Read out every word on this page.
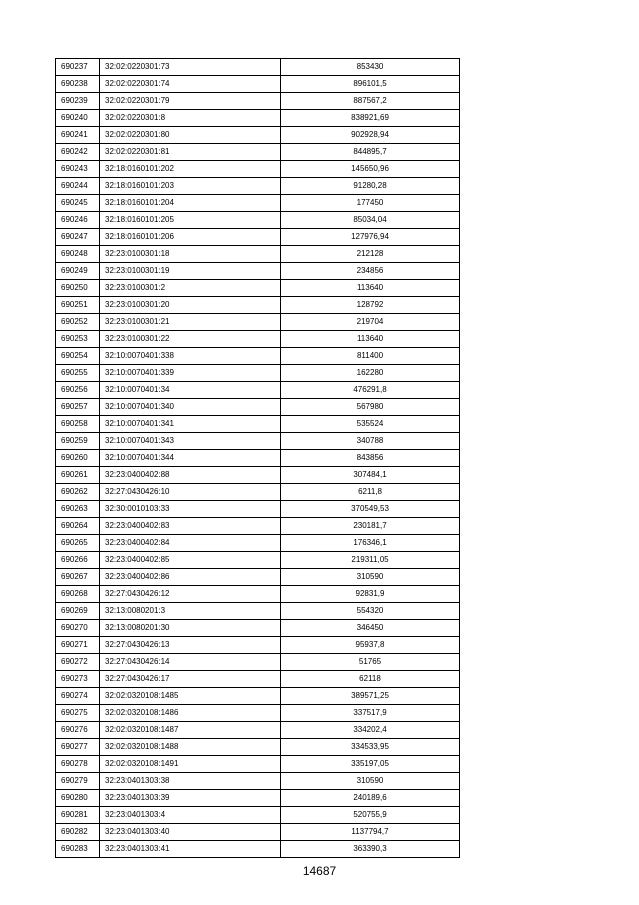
690237	32:02:0220301:73	853430
690238	32:02:0220301:74	896101,5
690239	32:02:0220301:79	887567,2
690240	32:02:0220301:8	838921,69
690241	32:02:0220301:80	902928,94
690242	32:02:0220301:81	844895,7
690243	32:18:0160101:202	145650,96
690244	32:18:0160101:203	91280,28
690245	32:18:0160101:204	177450
690246	32:18:0160101:205	85034,04
690247	32:18:0160101:206	127976,94
690248	32:23:0100301:18	212128
690249	32:23:0100301:19	234856
690250	32:23:0100301:2	113640
690251	32:23:0100301:20	128792
690252	32:23:0100301:21	219704
690253	32:23:0100301:22	113640
690254	32:10:0070401:338	811400
690255	32:10:0070401:339	162280
690256	32:10:0070401:34	476291,8
690257	32:10:0070401:340	567980
690258	32:10:0070401:341	535524
690259	32:10:0070401:343	340788
690260	32:10:0070401:344	843856
690261	32:23:0400402:88	307484,1
690262	32:27:0430426:10	6211,8
690263	32:30:0010103:33	370549,53
690264	32:23:0400402:83	230181,7
690265	32:23:0400402:84	176346,1
690266	32:23:0400402:85	219311,05
690267	32:23:0400402:86	310590
690268	32:27:0430426:12	92831,9
690269	32:13:0080201:3	554320
690270	32:13:0080201:30	346450
690271	32:27:0430426:13	95937,8
690272	32:27:0430426:14	51765
690273	32:27:0430426:17	62118
690274	32:02:0320108:1485	389571,25
690275	32:02:0320108:1486	337517,9
690276	32:02:0320108:1487	334202,4
690277	32:02:0320108:1488	334533,95
690278	32:02:0320108:1491	335197,05
690279	32:23:0401303:38	310590
690280	32:23:0401303:39	240189,6
690281	32:23:0401303:4	520755,9
690282	32:23:0401303:40	1137794,7
690283	32:23:0401303:41	363390,3
14687
